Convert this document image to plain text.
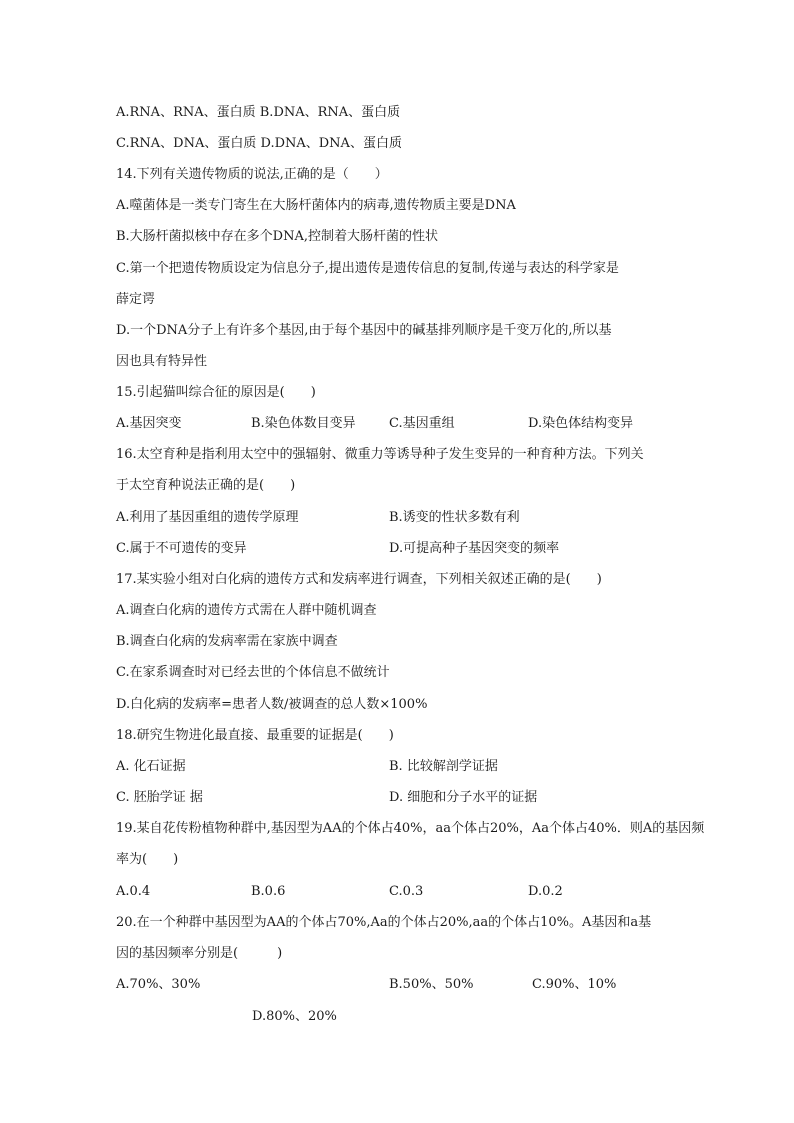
A.RNA、RNA、蛋白质 B.DNA、RNA、蛋白质
C.RNA、DNA、蛋白质 D.DNA、DNA、蛋白质
14.下列有关遗传物质的说法,正确的是（　　）
A.噬菌体是一类专门寄生在大肠杆菌体内的病毒,遗传物质主要是DNA
B.大肠杆菌拟核中存在多个DNA,控制着大肠杆菌的性状
C.第一个把遗传物质设定为信息分子,提出遗传是遗传信息的复制,传递与表达的科学家是
薛定谔
D.一个DNA分子上有许多个基因,由于每个基因中的碱基排列顺序是千变万化的,所以基
因也具有特异性
15.引起猫叫综合征的原因是(　　)
A.基因突变	B.染色体数目变异	C.基因重组	D.染色体结构变异
16.太空育种是指利用太空中的强辐射、微重力等诱导种子发生变异的一种育种方法。下列关
于太空育种说法正确的是(　　)
A.利用了基因重组的遗传学原理	B.诱变的性状多数有利
C.属于不可遗传的变异	D.可提高种子基因突变的频率
17.某实验小组对白化病的遗传方式和发病率进行调查，下列相关叙述正确的是(　　)
A.调查白化病的遗传方式需在人群中随机调查
B.调查白化病的发病率需在家族中调查
C.在家系调查时对已经去世的个体信息不做统计
D.白化病的发病率=患者人数/被调查的总人数×100%
18.研究生物进化最直接、最重要的证据是(　　)
A. 化石证据	B. 比较解剖学证据
C. 胚胎学证 据	D. 细胞和分子水平的证据
19.某自花传粉植物种群中,基因型为AA的个体占40%，aa个体占20%，Aa个体占40%．则A的基因频
率为(　　)
A.0.4	B.0.6	C.0.3	D.0.2
20.在一个种群中基因型为AA的个体占70%,Aa的个体占20%,aa的个体占10%。A基因和a基
因的基因频率分别是(　　　)
A.70%、30%	B.50%、50%	C.90%、10%
D.80%、20%
